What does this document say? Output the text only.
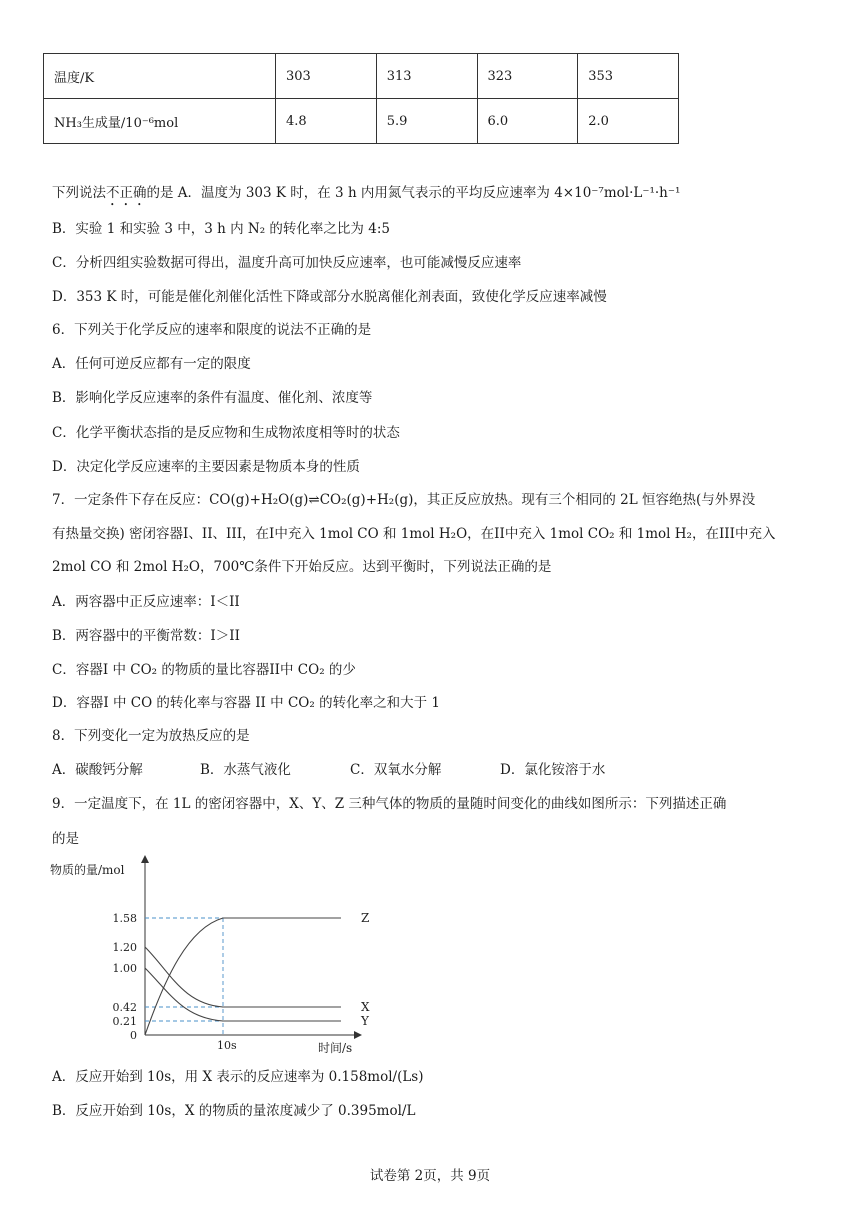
温度/K	303	313	323	353
NH₃生成量/10⁻⁶mol	4.8	5.9	6.0	2.0
下列说法不正确的是 A．温度为 303 K 时，在 3 h 内用氮气表示的平均反应速率为 4×10⁻⁷mol·L⁻¹·h⁻¹
B．实验 1 和实验 3 中，3 h 内 N₂ 的转化率之比为 4:5
C．分析四组实验数据可得出，温度升高可加快反应速率，也可能减慢反应速率
D．353 K 时，可能是催化剂催化活性下降或部分水脱离催化剂表面，致使化学反应速率减慢
6．下列关于化学反应的速率和限度的说法不正确的是
A．任何可逆反应都有一定的限度
B．影响化学反应速率的条件有温度、催化剂、浓度等
C．化学平衡状态指的是反应物和生成物浓度相等时的状态
D．决定化学反应速率的主要因素是物质本身的性质
7．一定条件下存在反应：CO(g)+H₂O(g)⇌CO₂(g)+H₂(g)，其正反应放热。现有三个相同的 2L 恒容绝热(与外界没
有热量交换) 密闭容器I、II、III，在I中充入 1mol CO 和 1mol H₂O，在II中充入 1mol CO₂ 和 1mol H₂，在III中充入
2mol CO 和 2mol H₂O，700℃条件下开始反应。达到平衡时，下列说法正确的是
A．两容器中正反应速率：I＜II
B．两容器中的平衡常数：I＞II
C．容器I 中 CO₂ 的物质的量比容器II中 CO₂ 的少
D．容器I 中 CO 的转化率与容器 II 中 CO₂ 的转化率之和大于 1
8．下列变化一定为放热反应的是
A．碳酸钙分解	B．水蒸气液化	C．双氧水分解	D．氯化铵溶于水
9．一定温度下，在 1L 的密闭容器中，X、Y、Z 三种气体的物质的量随时间变化的曲线如图所示：下列描述正确
的是
物质的量/mol
时间/s
0
0.21
0.42
1.00
1.20
1.58
10s
Z
X
Y
A．反应开始到 10s，用 X 表示的反应速率为 0.158mol/(Ls)
B．反应开始到 10s，X 的物质的量浓度减少了 0.395mol/L
试卷第 2页，共 9页
